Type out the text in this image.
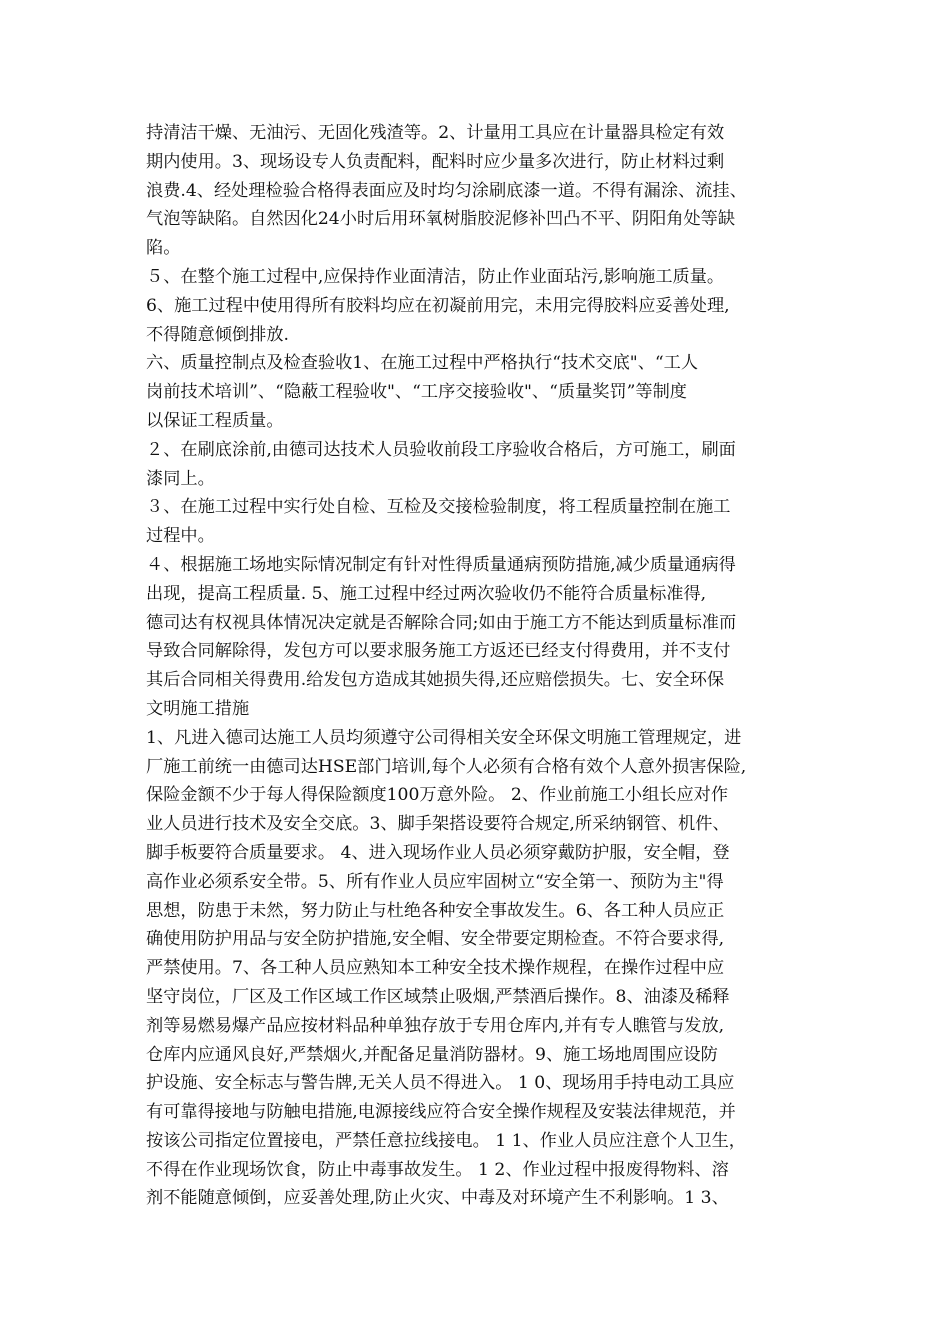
持清洁干燥、无油污、无固化残渣等。2、计量用工具应在计量器具检定有效
期内使用。3、现场设专人负责配料，配料时应少量多次进行，防止材料过剩
浪费.4、经处理检验合格得表面应及时均匀涂刷底漆一道。不得有漏涂、流挂、
气泡等缺陷。自然因化24小时后用环氧树脂胶泥修补凹凸不平、阴阳角处等缺
陷。
５、在整个施工过程中,应保持作业面清洁，防止作业面玷污,影响施工质量。
6、施工过程中使用得所有胶料均应在初凝前用完，未用完得胶料应妥善处理,
不得随意倾倒排放.
六、质量控制点及检查验收1、在施工过程中严格执行“技术交底"、“工人
岗前技术培训”、“隐蔽工程验收"、“工序交接验收"、“质量奖罚”等制度
以保证工程质量。
２、在刷底涂前,由德司达技术人员验收前段工序验收合格后，方可施工，刷面
漆同上。
３、在施工过程中实行处自检、互检及交接检验制度，将工程质量控制在施工
过程中。
４、根据施工场地实际情况制定有针对性得质量通病预防措施,减少质量通病得
出现，提高工程质量. 5、施工过程中经过两次验收仍不能符合质量标准得,
德司达有权视具体情况决定就是否解除合同;如由于施工方不能达到质量标准而
导致合同解除得，发包方可以要求服务施工方返还已经支付得费用，并不支付
其后合同相关得费用.给发包方造成其她损失得,还应赔偿损失。七、安全环保
文明施工措施
1、凡进入德司达施工人员均须遵守公司得相关安全环保文明施工管理规定，进
厂施工前统一由德司达HSE部门培训,每个人必须有合格有效个人意外损害保险,
保险金额不少于每人得保险额度100万意外险。 2、作业前施工小组长应对作
业人员进行技术及安全交底。3、脚手架搭设要符合规定,所采纳钢管、机件、
脚手板要符合质量要求。 4、进入现场作业人员必须穿戴防护服，安全帽，登
高作业必须系安全带。5、所有作业人员应牢固树立“安全第一、预防为主"得
思想，防患于未然，努力防止与杜绝各种安全事故发生。6、各工种人员应正
确使用防护用品与安全防护措施,安全帽、安全带要定期检查。不符合要求得,
严禁使用。7、各工种人员应熟知本工种安全技术操作规程，在操作过程中应
坚守岗位，厂区及工作区域工作区域禁止吸烟,严禁酒后操作。8、油漆及稀释
剂等易燃易爆产品应按材料品种单独存放于专用仓库内,并有专人瞧管与发放,
仓库内应通风良好,严禁烟火,并配备足量消防器材。9、施工场地周围应设防
护设施、安全标志与警告牌,无关人员不得进入。 1 0、现场用手持电动工具应
有可靠得接地与防触电措施,电源接线应符合安全操作规程及安装法律规范，并
按该公司指定位置接电，严禁任意拉线接电。 1 1、作业人员应注意个人卫生，
不得在作业现场饮食，防止中毒事故发生。 1 2、作业过程中报废得物料、溶
剂不能随意倾倒，应妥善处理,防止火灾、中毒及对环境产生不利影响。1 3、
